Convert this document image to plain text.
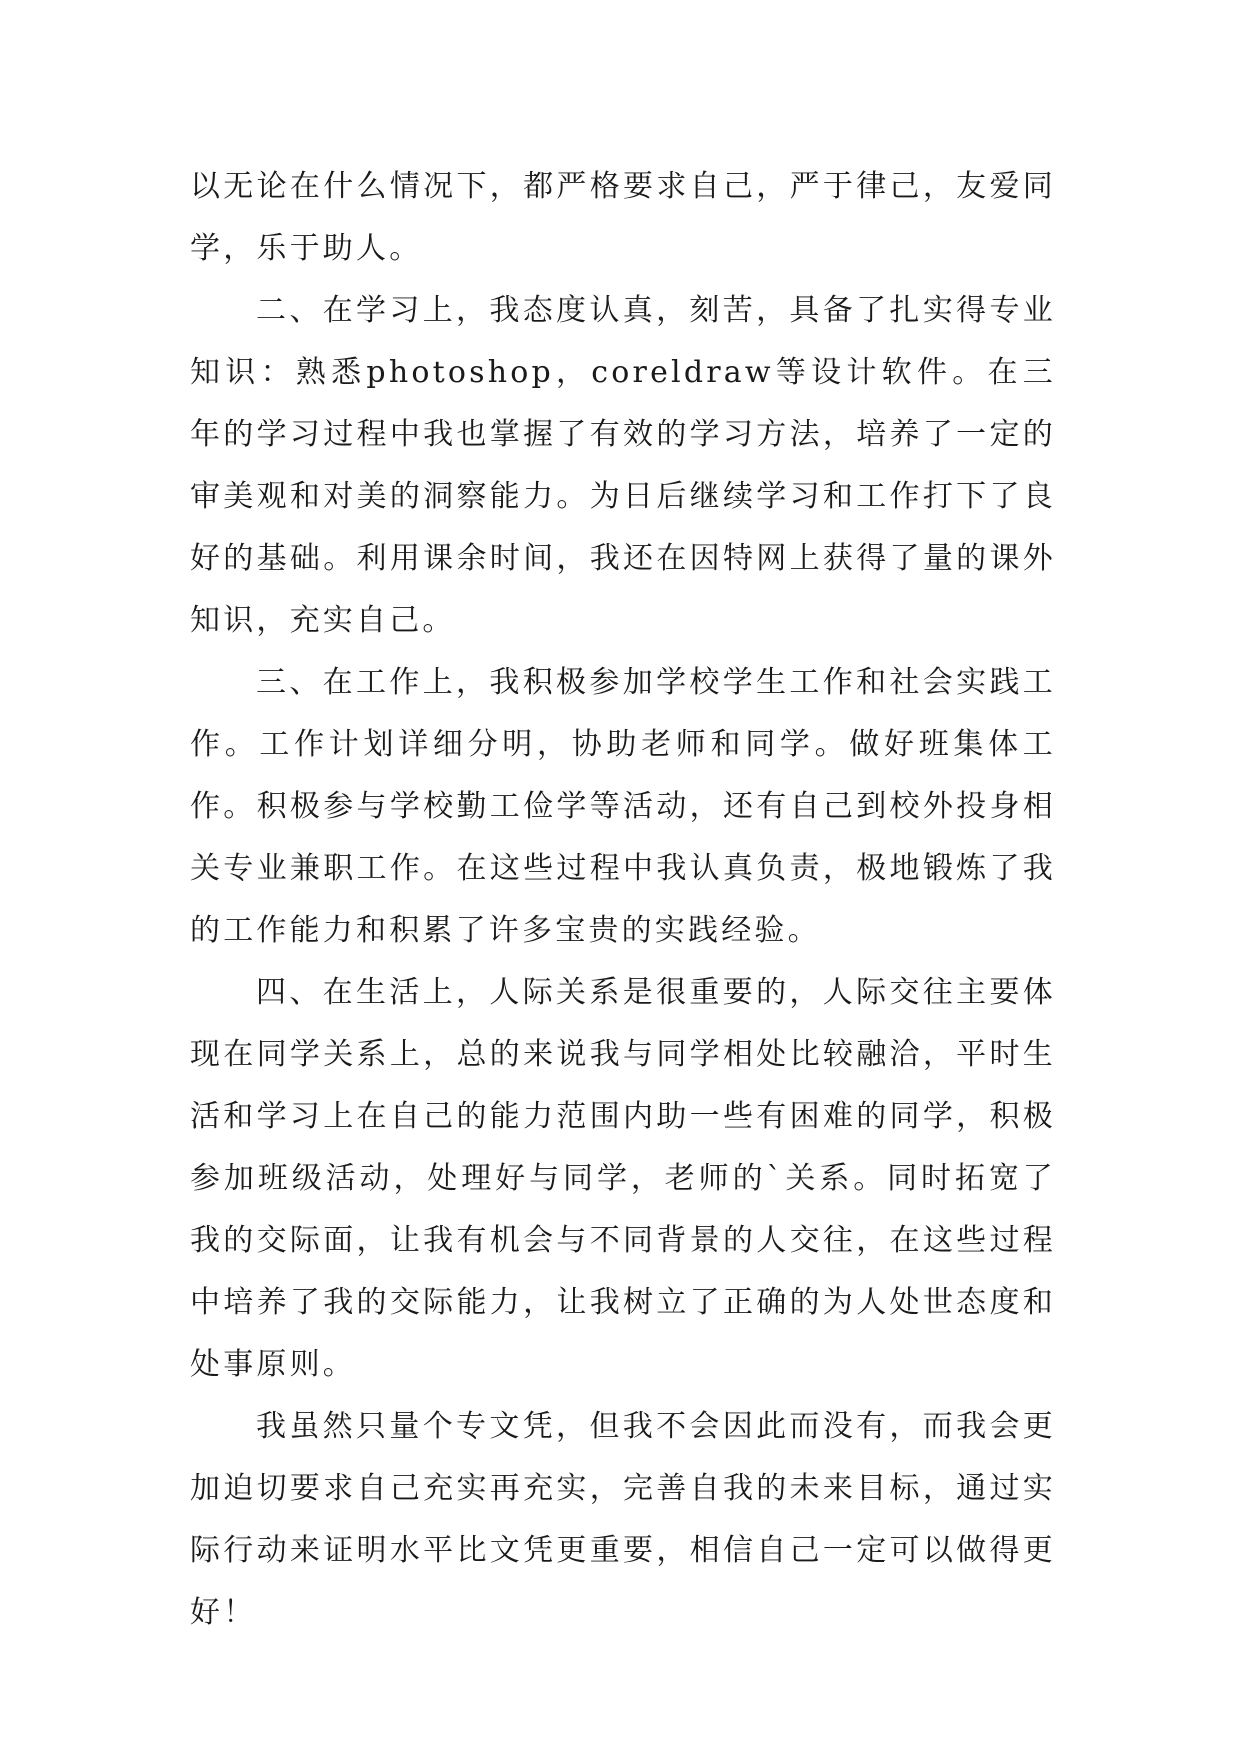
以无论在什么情况下，都严格要求自己，严于律己，友爱同学，乐于助人。

二、在学习上，我态度认真，刻苦，具备了扎实得专业知识：熟悉photoshop，coreldraw等设计软件。在三年的学习过程中我也掌握了有效的学习方法，培养了一定的审美观和对美的洞察能力。为日后继续学习和工作打下了良好的基础。利用课余时间，我还在因特网上获得了量的课外知识，充实自己。

三、在工作上，我积极参加学校学生工作和社会实践工作。工作计划详细分明，协助老师和同学。做好班集体工作。积极参与学校勤工俭学等活动，还有自己到校外投身相关专业兼职工作。在这些过程中我认真负责，极地锻炼了我的工作能力和积累了许多宝贵的实践经验。

四、在生活上，人际关系是很重要的，人际交往主要体现在同学关系上，总的来说我与同学相处比较融洽，平时生活和学习上在自己的能力范围内助一些有困难的同学，积极参加班级活动，处理好与同学，老师的`关系。同时拓宽了我的交际面，让我有机会与不同背景的人交往，在这些过程中培养了我的交际能力，让我树立了正确的为人处世态度和处事原则。

我虽然只量个专文凭，但我不会因此而没有，而我会更加迫切要求自己充实再充实，完善自我的未来目标，通过实际行动来证明水平比文凭更重要，相信自己一定可以做得更好！
